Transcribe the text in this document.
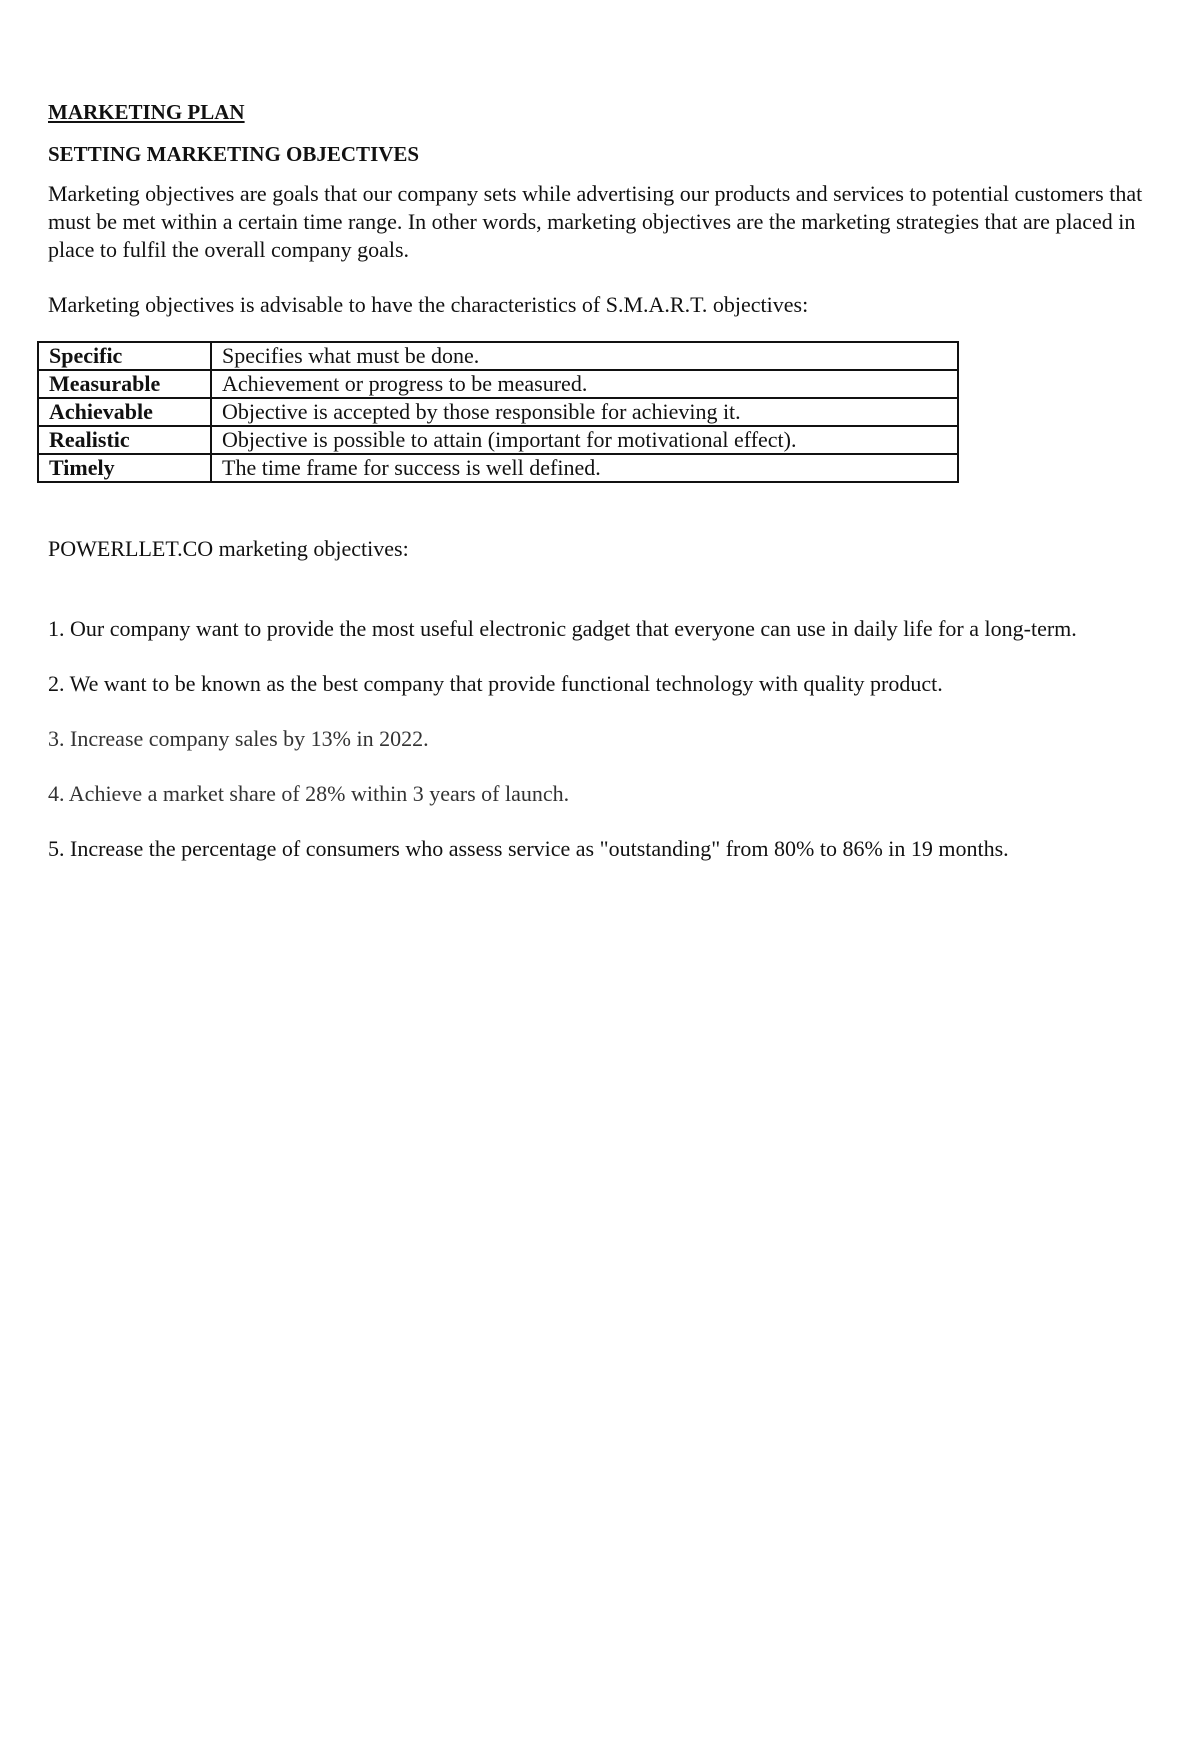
MARKETING PLAN
SETTING MARKETING OBJECTIVES

Marketing objectives are goals that our company sets while advertising our products and services to potential customers that must be met within a certain time range. In other words, marketing objectives are the marketing strategies that are placed in place to fulfil the overall company goals.

Marketing objectives is advisable to have the characteristics of S.M.A.R.T. objectives:

Specific	Specifies what must be done.
Measurable	Achievement or progress to be measured.
Achievable	Objective is accepted by those responsible for achieving it.
Realistic	Objective is possible to attain (important for motivational effect).
Timely	The time frame for success is well defined.

POWERLLET.CO marketing objectives:

1. Our company want to provide the most useful electronic gadget that everyone can use in daily life for a long-term.

2. We want to be known as the best company that provide functional technology with quality product.

3. Increase company sales by 13% in 2022.

4. Achieve a market share of 28% within 3 years of launch.

5. Increase the percentage of consumers who assess service as "outstanding" from 80% to 86% in 19 months.
